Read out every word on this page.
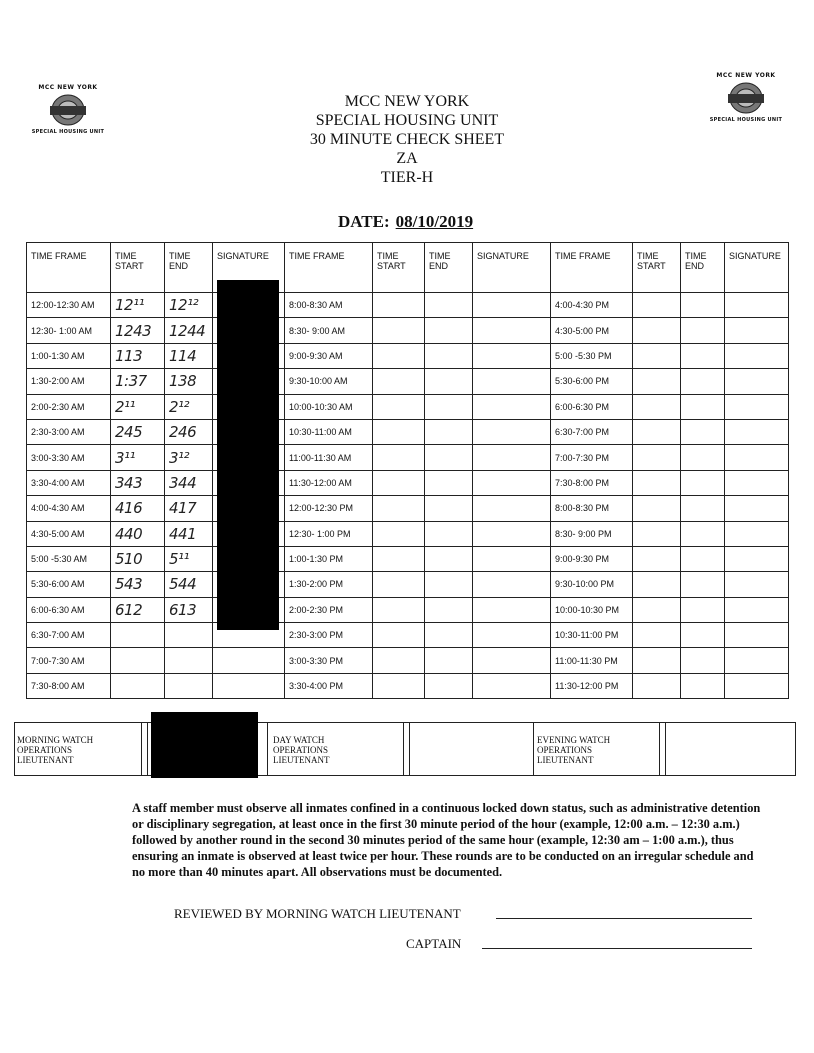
MCC NEW YORK
SPECIAL HOUSING UNIT
MCC NEW YORK
SPECIAL HOUSING UNIT
MCC NEW YORK
SPECIAL HOUSING UNIT
30 MINUTE CHECK SHEET
ZA
TIER-H
DATE: 08/10/2019
TIME FRAME	TIME START	TIME END	SIGNATURE	TIME FRAME	TIME START	TIME END	SIGNATURE	TIME FRAME	TIME START	TIME END	SIGNATURE
12:00-12:30 AM	12¹¹	12¹²		8:00-8:30 AM				4:00-4:30 PM			
12:30- 1:00 AM	1243	1244		8:30- 9:00 AM				4:30-5:00 PM			
1:00-1:30 AM	113	114		9:00-9:30 AM				5:00 -5:30 PM			
1:30-2:00 AM	1:37	138		9:30-10:00 AM				5:30-6:00 PM			
2:00-2:30 AM	2¹¹	2¹²		10:00-10:30 AM				6:00-6:30 PM			
2:30-3:00 AM	245	246		10:30-11:00 AM				6:30-7:00 PM			
3:00-3:30 AM	3¹¹	3¹²		11:00-11:30 AM				7:00-7:30 PM			
3:30-4:00 AM	343	344		11:30-12:00 AM				7:30-8:00 PM			
4:00-4:30 AM	416	417		12:00-12:30 PM				8:00-8:30 PM			
4:30-5:00 AM	440	441		12:30- 1:00 PM				8:30- 9:00 PM			
5:00 -5:30 AM	510	5¹¹		1:00-1:30 PM				9:00-9:30 PM			
5:30-6:00 AM	543	544		1:30-2:00 PM				9:30-10:00 PM			
6:00-6:30 AM	612	613		2:00-2:30 PM				10:00-10:30 PM			
6:30-7:00 AM				2:30-3:00 PM				10:30-11:00 PM			
7:00-7:30 AM				3:00-3:30 PM				11:00-11:30 PM			
7:30-8:00 AM				3:30-4:00 PM				11:30-12:00 PM			
MORNING WATCH
OPERATIONS
LIEUTENANT
DAY WATCH
OPERATIONS
LIEUTENANT
EVENING WATCH
OPERATIONS
LIEUTENANT
A staff member must observe all inmates confined in a continuous locked down status, such as administrative detention or disciplinary segregation, at least once in the first 30 minute period of the hour (example, 12:00 a.m. – 12:30 a.m.) followed by another round in the second 30 minutes period of the same hour (example, 12:30 am – 1:00 a.m.), thus ensuring an inmate is observed at least twice per hour. These rounds are to be conducted on an irregular schedule and no more than 40 minutes apart. All observations must be documented.
REVIEWED BY MORNING WATCH LIEUTENANT
CAPTAIN
